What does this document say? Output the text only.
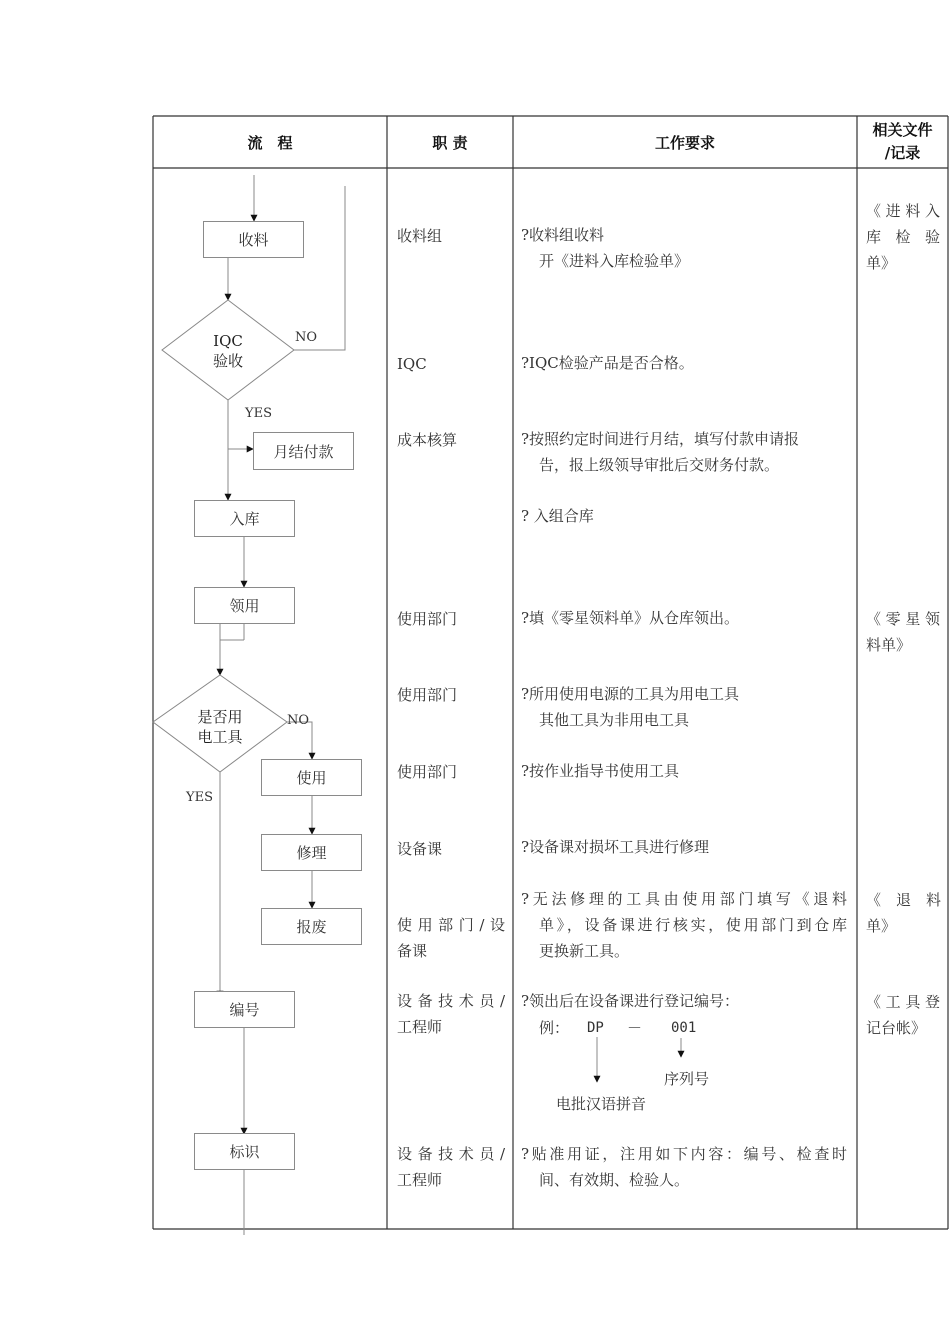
流　程	职 责	工作要求
相关文件
/记录
收料
IQC
验收
NO
YES
月结付款
入库
领用
是否用
电工具
NO
YES
使用
修理
报废
编号
标识
收料组
IQC
成本核算
使用部门
使用部门
使用部门
设备课
使用部门/设
备课
设备技术员/
工程师
设备技术员/
工程师
?收料组收料
开《进料入库检验单》
?IQC检验产品是否合格。
?按照约定时间进行月结，填写付款申请报
告，报上级领导审批后交财务付款。
? 入组合库
?填《零星领料单》从仓库领出。
?所用使用电源的工具为用电工具
其他工具为非用电工具
?按作业指导书使用工具
?设备课对损坏工具进行修理
?无法修理的工具由使用部门填写《退料
单》，设备课进行核实，使用部门到仓库
更换新工具。
?领出后在设备课进行登记编号：
例： DP － 001
序列号
电批汉语拼音
?贴准用证，注用如下内容：编号、检查时
间、有效期、检验人。
《进料入
库检验
单》
《零星领
料单》
《　退　料
单》
《工具登
记台帐》
